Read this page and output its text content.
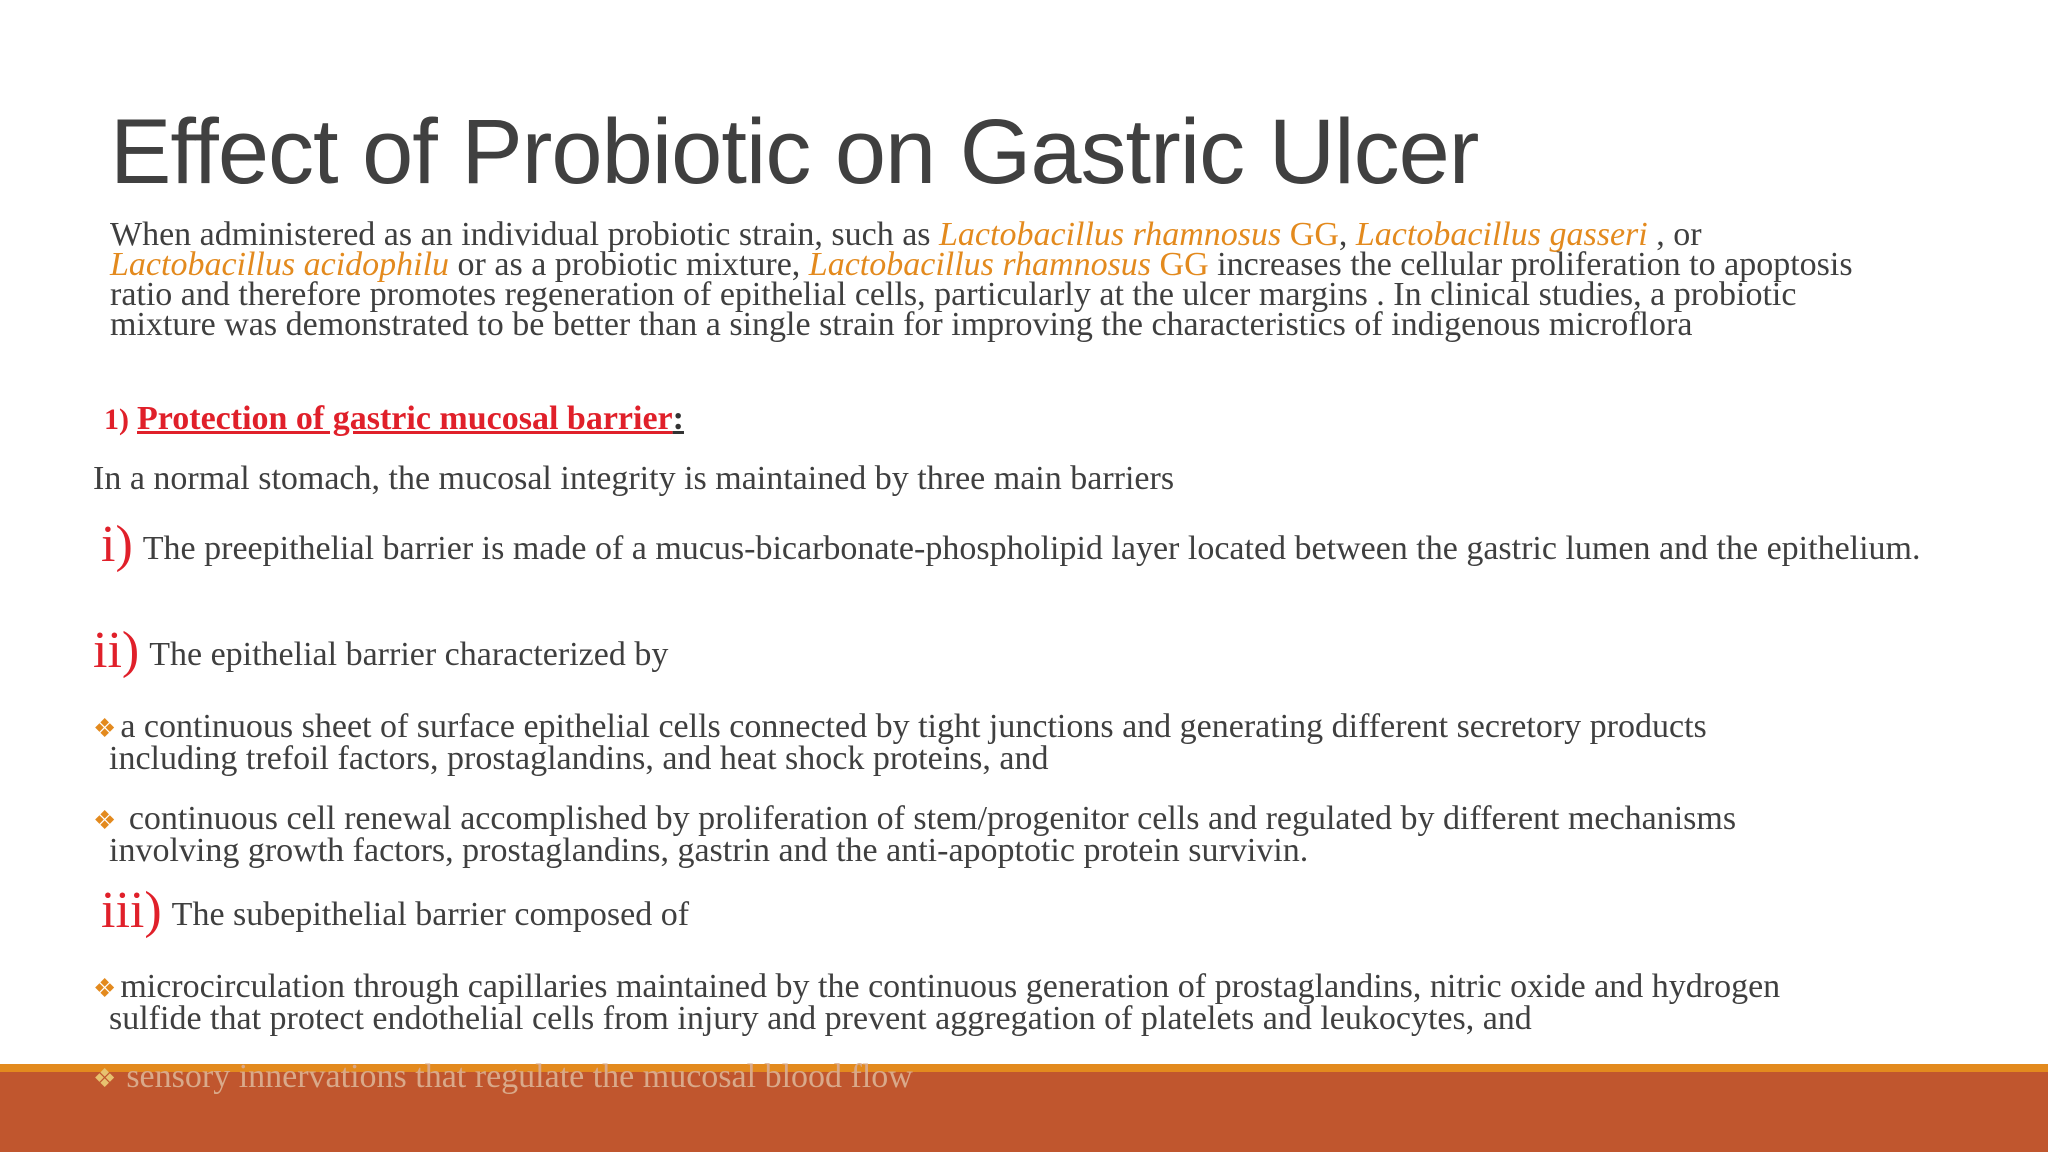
Effect of Probiotic on Gastric Ulcer

When administered as an individual probiotic strain, such as Lactobacillus rhamnosus GG, Lactobacillus gasseri , or
Lactobacillus acidophilu or as a probiotic mixture, Lactobacillus rhamnosus GG increases the cellular proliferation to apoptosis ratio and therefore promotes regeneration of epithelial cells, particularly at the ulcer margins . In clinical studies, a probiotic mixture was demonstrated to be better than a single strain for improving the characteristics of indigenous microflora

1) Protection of gastric mucosal barrier:

In a normal stomach, the mucosal integrity is maintained by three main barriers

i) The preepithelial barrier is made of a mucus-bicarbonate-phospholipid layer located between the gastric lumen and the epithelium.

ii) The epithelial barrier characterized by

❖ a continuous sheet of surface epithelial cells connected by tight junctions and generating different secretory products
including trefoil factors, prostaglandins, and heat shock proteins, and

❖ continuous cell renewal accomplished by proliferation of stem/progenitor cells and regulated by different mechanisms
involving growth factors, prostaglandins, gastrin and the anti-apoptotic protein survivin.

iii) The subepithelial barrier composed of

❖ microcirculation through capillaries maintained by the continuous generation of prostaglandins, nitric oxide and hydrogen
sulfide that protect endothelial cells from injury and prevent aggregation of platelets and leukocytes, and

❖ sensory innervations that regulate the mucosal blood flow
